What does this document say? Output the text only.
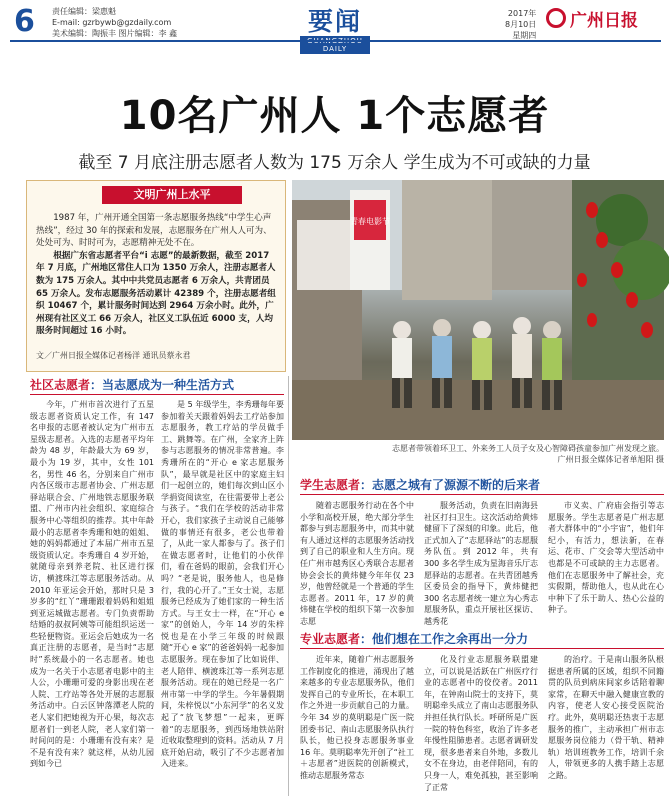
6 责任编辑：梁惠魁
E-mail: gzrbywb@gzdaily.com
美术编辑：陶振丰 图片编辑：李 鑫	要闻
DAILY
2017年
8月10日
星期四
广州日报
10名广州人 1个志愿者
截至 7 月底注册志愿者人数为 175 万余人 学生成为不可或缺的力量
文明广州上水平

1987 年，广州开通全国第一条志愿服务热线“中学生心声热线”，经过 30 年的探索和发展，志愿服务在广州人人可为、处处可为、时时可为，志愿精神无处不在。

根据广东省志愿者平台“i 志愿”的最新数据，截至 2017 年 7 月底，广州地区常住人口为 1350 万余人，注册志愿者人数为 175 万余人。其中中共党员志愿者 6 万余人，共青团员 65 万余人。发布志愿服务活动累计 42389 个，注册志愿者组织 10467 个，累计服务时间达到 2964 万余小时。此外，广州现有社区义工 66 万余人，社区义工队伍近 6000 支，人均服务时间超过 16 小时。

文／广州日报全媒体记者杨洋 通讯员蔡永君
青春电影节
志愿者带领着环卫工、外来务工人员子女及心智障碍孩童参加广州发现之旅。
广州日报全媒体记者单旭阳 摄
社区志愿者：当志愿成为一种生活方式

今年，广州市首次进行了五星级志愿者资质认定工作，有 147 名申报的志愿者被认定为广州市五星级志愿者。入选的志愿者平均年龄为 48 岁，年龄最大为 69 岁，最小为 19 岁，其中，女性 101 名，男性 46 名，分别来自广州市内各区级市志愿者协会、广州志愿驿站联合会、广州地铁志愿服务联盟、广州市内社会组织、家庭综合服务中心等组织的推荐。其中年龄最小的志愿者李秀珊和她的姐姐、她的妈妈都通过了本届广州市五星级资质认定。李秀珊自 4 岁开始，就随母亲到养老院、社区进行探访，横渡珠江等志愿服务活动。从 2010 年亚运会开始，那时只是 3 岁多的“红丫”珊珊跟着妈妈和姐姐到亚运城做志愿者。专门负责帮助结婚的叔叔阿姨等可能组织运送一些轻便物资。亚运会后她成为一名真正注册的志愿者，是当时“志愿时”系统最小的一名志愿者。她也成为一名关于小志愿者电影中的主人公，小珊珊可爱的身影出现在老人院、工疗站等各处开展的志愿服务活动中。白云区钟落潭老人院的老人家们把她视为开心果，每次志愿者们一到老人院，老人家们第一时间问的是：小珊珊有没有来？是不是有没有来？就这样，从幼儿园到如今已

是 5 年级学生，李秀珊每年要参加着关天跟着妈妈去工疗站参加志愿服务，教工疗站的学员做手工、跳舞等。在广州，全家齐上阵参与志愿服务的情况非常普遍。李秀珊所在的“开心 e 家志愿服务队”，最早就是社区中的家庭主妇们一起创立的，她们每次到山区小学捐资阅读室，在往需要带上老公与孩子。“我们在学校的活动非常开心，我们家孩子主动说自己能够做的事情还有很多，老公也带着了，从此一家人都参与了。孩子们在做志愿者时，让他们的小伙伴们，看在爸妈的眼前，会我们开心吗？“老是说，服务他人，也是修行，我的心开了。”王女士说，志愿服务已经成为了她们家的一种生活方式。与王女士一样，在“开心 e 家”的创始人，今年 14 岁的朱梓悦也是在小学三年级的时候跟随“开心 e 家”的爸爸妈妈一起参加志愿服务。现在参加了比如说伴、老人陪伴、横渡珠江等一系列志愿服务活动。现在的她已经是一名广州市第一中学的学生。今年暑假期间，朱梓悦以“小东河学”的名义发起了“放飞梦想”一起来，更晖着“的志愿服务，到西场地铁站附近收取整理到的资料。活动从 7 月底开始启动，吸引了不少志愿者加入进来。

学生志愿者：志愿之城有了源源不断的后来者

随着志愿服务行动在各个中小学和高校开展，绝大部分学生都参与到志愿服务中，而其中就有人通过这样的志愿服务活动找到了自己的职业和人生方向。现任广州市越秀区心秀联合志愿者协会会长的黄炜健今年年仅 23 岁，他曾经就是一个普通的学生志愿者。2011 年，17 岁的黄炜健在学校的组织下第一次参加志愿

服务活动，负责在旧南海县社区打扫卫生。这次活动给黄炜健留下了深刻的印象。此后，他正式加入了“志愿驿站”的志愿服务队伍。到 2012 年，共有 300 多名学生成为星海音乐厅志愿驿站的志愿者。在共青团越秀区委员会的指导下，黄炜健把 300 名志愿者统一建立为心秀志愿服务队，重点开展社区探访、越秀花

市义卖、广府庙会指引等志愿服务。学生志愿者是广州志愿者大群体中的“小宇宙”，他们年纪小，有活力，想法新，在春运、花市、广交会等大型活动中也都是不可或缺的主力志愿者。他们在志愿服务中了解社会，充实假期，帮助他人，也从此在心中种下了乐于助人、热心公益的种子。

专业志愿者：他们想在工作之余再出一分力

近年来，随着广州志愿服务工作制度化的推进，涌现出了越来越多的专业志愿服务队，他们发挥自己的专业所长，在本职工作之外进一步贡献自己的力量。今年 34 岁的莫明聪是广医一院团委书记、南山志愿服务队执行队长，他已投身志愿服务事业 16 年。莫明聪率先开创了“社工＋志愿者”进医院的创新模式，推动志愿服务常态

化及行业志愿服务联盟建立，可以说是活跃在广州医疗行业的志愿者中的佼佼者。2011 年，在钟南山院士的支持下，莫明聪牵头成立了南山志愿服务队并担任执行队长。呼研所是广医一院的特色科室，收治了许多老年慢性阻肺患者。志愿者调研发现，很多患者来自外地，多数儿女不在身边，由老伴陪同，有的只身一人，难免孤独，甚至影响了正常

的治疗。于是南山服务队根据患者所属的区域，组织不同籍贯的队员到病床间家乡话陪着聊家常，在聊天中融入健康宣教的内容，使老人安心接受医院治疗。此外，莫明聪还热衷于志愿服务的推广，主动承担广州市志愿服务岗位能力（骨干轨、精神轨）培训班教务工作，培训千余人，带领更多的人携手踏上志愿之路。
